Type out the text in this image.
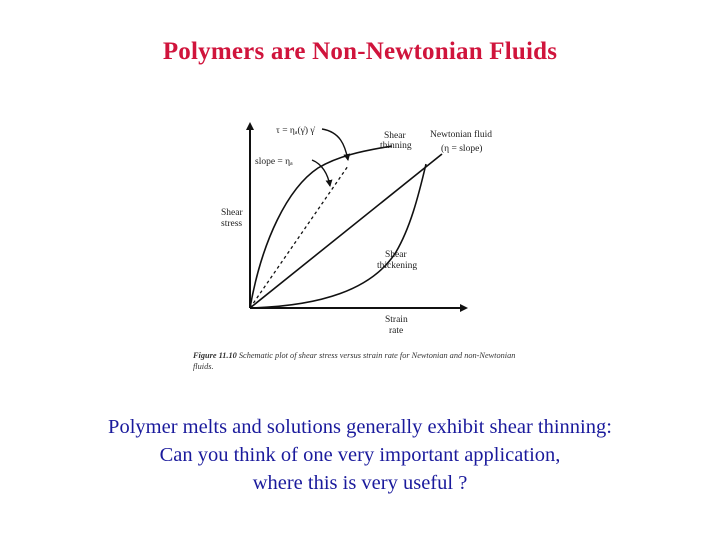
Polymers are Non-Newtonian Fluids
τ = ηₐ(γ̇) γ̇
slope = ηₐ
Shear
stress
Strain
rate
Shear
thinning
Newtonian fluid
(η = slope)
Shear
thickening
Figure 11.10 Schematic plot of shear stress versus strain rate for Newtonian and non-Newtonian fluids.
Polymer melts and solutions generally exhibit shear thinning:
Can you think of one very important application,
where this is very useful ?
